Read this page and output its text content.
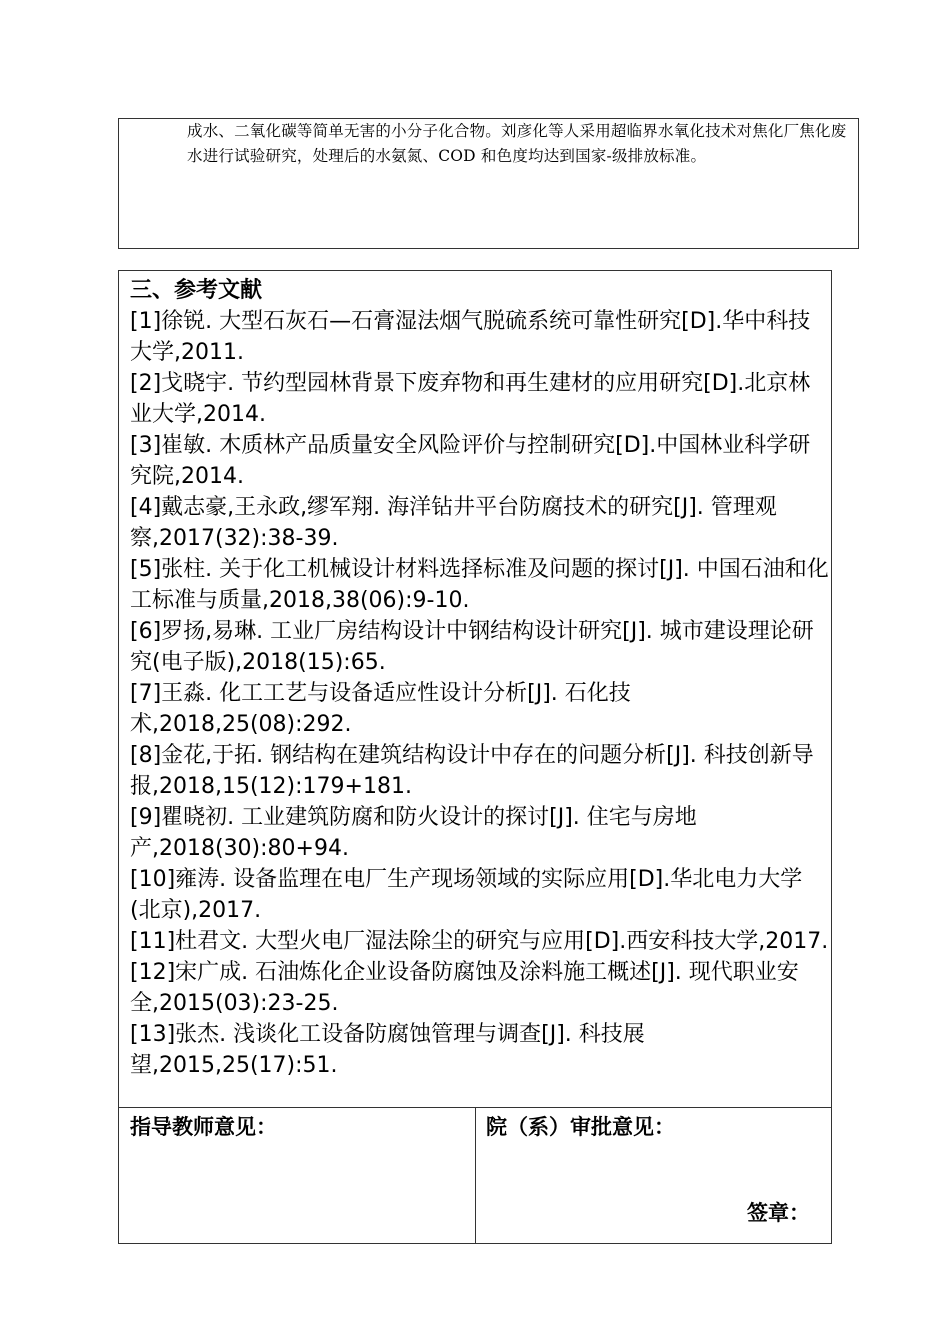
成水、二氧化碳等简单无害的小分子化合物。刘彦化等人采用超临界水氧化技术对焦化厂焦化废水进行试验研究，处理后的水氨氮、COD 和色度均达到国家-级排放标准。

三、参考文献

[1]徐锐. 大型石灰石—石膏湿法烟气脱硫系统可靠性研究[D].华中科技大学,2011.
[2]戈晓宇. 节约型园林背景下废弃物和再生建材的应用研究[D].北京林业大学,2014.
[3]崔敏. 木质林产品质量安全风险评价与控制研究[D].中国林业科学研究院,2014.
[4]戴志豪,王永政,缪军翔. 海洋钻井平台防腐技术的研究[J]. 管理观察,2017(32):38-39.
[5]张柱. 关于化工机械设计材料选择标准及问题的探讨[J]. 中国石油和化工标准与质量,2018,38(06):9-10.
[6]罗扬,易琳. 工业厂房结构设计中钢结构设计研究[J]. 城市建设理论研究(电子版),2018(15):65.
[7]王淼. 化工工艺与设备适应性设计分析[J]. 石化技术,2018,25(08):292.
[8]金花,于拓. 钢结构在建筑结构设计中存在的问题分析[J]. 科技创新导报,2018,15(12):179+181.
[9]瞿晓初. 工业建筑防腐和防火设计的探讨[J]. 住宅与房地产,2018(30):80+94.
[10]雍涛. 设备监理在电厂生产现场领域的实际应用[D].华北电力大学(北京),2017.
[11]杜君文. 大型火电厂湿法除尘的研究与应用[D].西安科技大学,2017.
[12]宋广成. 石油炼化企业设备防腐蚀及涂料施工概述[J]. 现代职业安全,2015(03):23-25.
[13]张杰. 浅谈化工设备防腐蚀管理与调查[J]. 科技展望,2015,25(17):51.

指导教师意见：	院（系）审批意见：

签章：
